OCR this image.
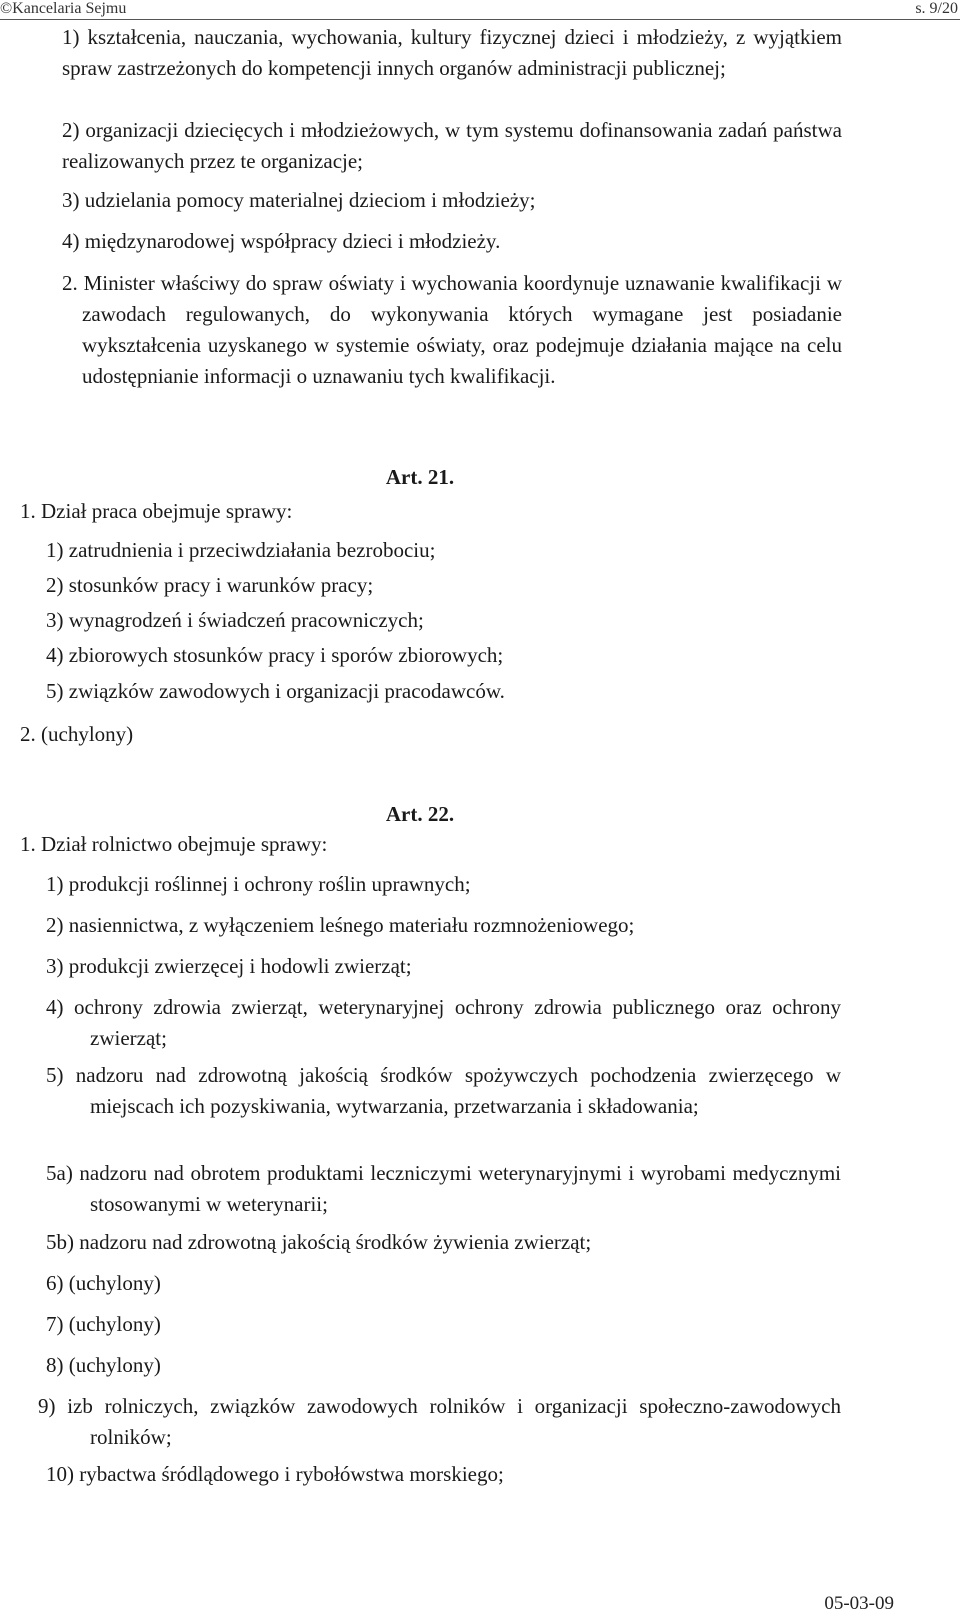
©Kancelaria Sejmu	s. 9/20
1) kształcenia, nauczania, wychowania, kultury fizycznej dzieci i młodzieży, z wyjątkiem spraw zastrzeżonych do kompetencji innych organów administracji publicznej;
2) organizacji dziecięcych i młodzieżowych, w tym systemu dofinansowania zadań państwa realizowanych przez te organizacje;
3) udzielania pomocy materialnej dzieciom i młodzieży;
4) międzynarodowej współpracy dzieci i młodzieży.
2. Minister właściwy do spraw oświaty i wychowania koordynuje uznawanie kwalifikacji w zawodach regulowanych, do wykonywania których wymagane jest posiadanie wykształcenia uzyskanego w systemie oświaty, oraz podejmuje działania mające na celu udostępnianie informacji o uznawaniu tych kwalifikacji.
Art. 21.
1. Dział praca obejmuje sprawy:
1) zatrudnienia i przeciwdziałania bezrobociu;
2) stosunków pracy i warunków pracy;
3) wynagrodzeń i świadczeń pracowniczych;
4) zbiorowych stosunków pracy i sporów zbiorowych;
5) związków zawodowych i organizacji pracodawców.
2. (uchylony)
Art. 22.
1. Dział rolnictwo obejmuje sprawy:
1) produkcji roślinnej i ochrony roślin uprawnych;
2) nasiennictwa, z wyłączeniem leśnego materiału rozmnożeniowego;
3) produkcji zwierzęcej i hodowli zwierząt;
4) ochrony zdrowia zwierząt, weterynaryjnej ochrony zdrowia publicznego oraz ochrony zwierząt;
5) nadzoru nad zdrowotną jakością środków spożywczych pochodzenia zwierzęcego w miejscach ich pozyskiwania, wytwarzania, przetwarzania i składowania;
5a) nadzoru nad obrotem produktami leczniczymi weterynaryjnymi i wyrobami medycznymi stosowanymi w weterynarii;
5b) nadzoru nad zdrowotną jakością środków żywienia zwierząt;
6) (uchylony)
7) (uchylony)
8) (uchylony)
9) izb rolniczych, związków zawodowych rolników i organizacji społeczno-zawodowych rolników;
10) rybactwa śródlądowego i rybołówstwa morskiego;
05-03-09
